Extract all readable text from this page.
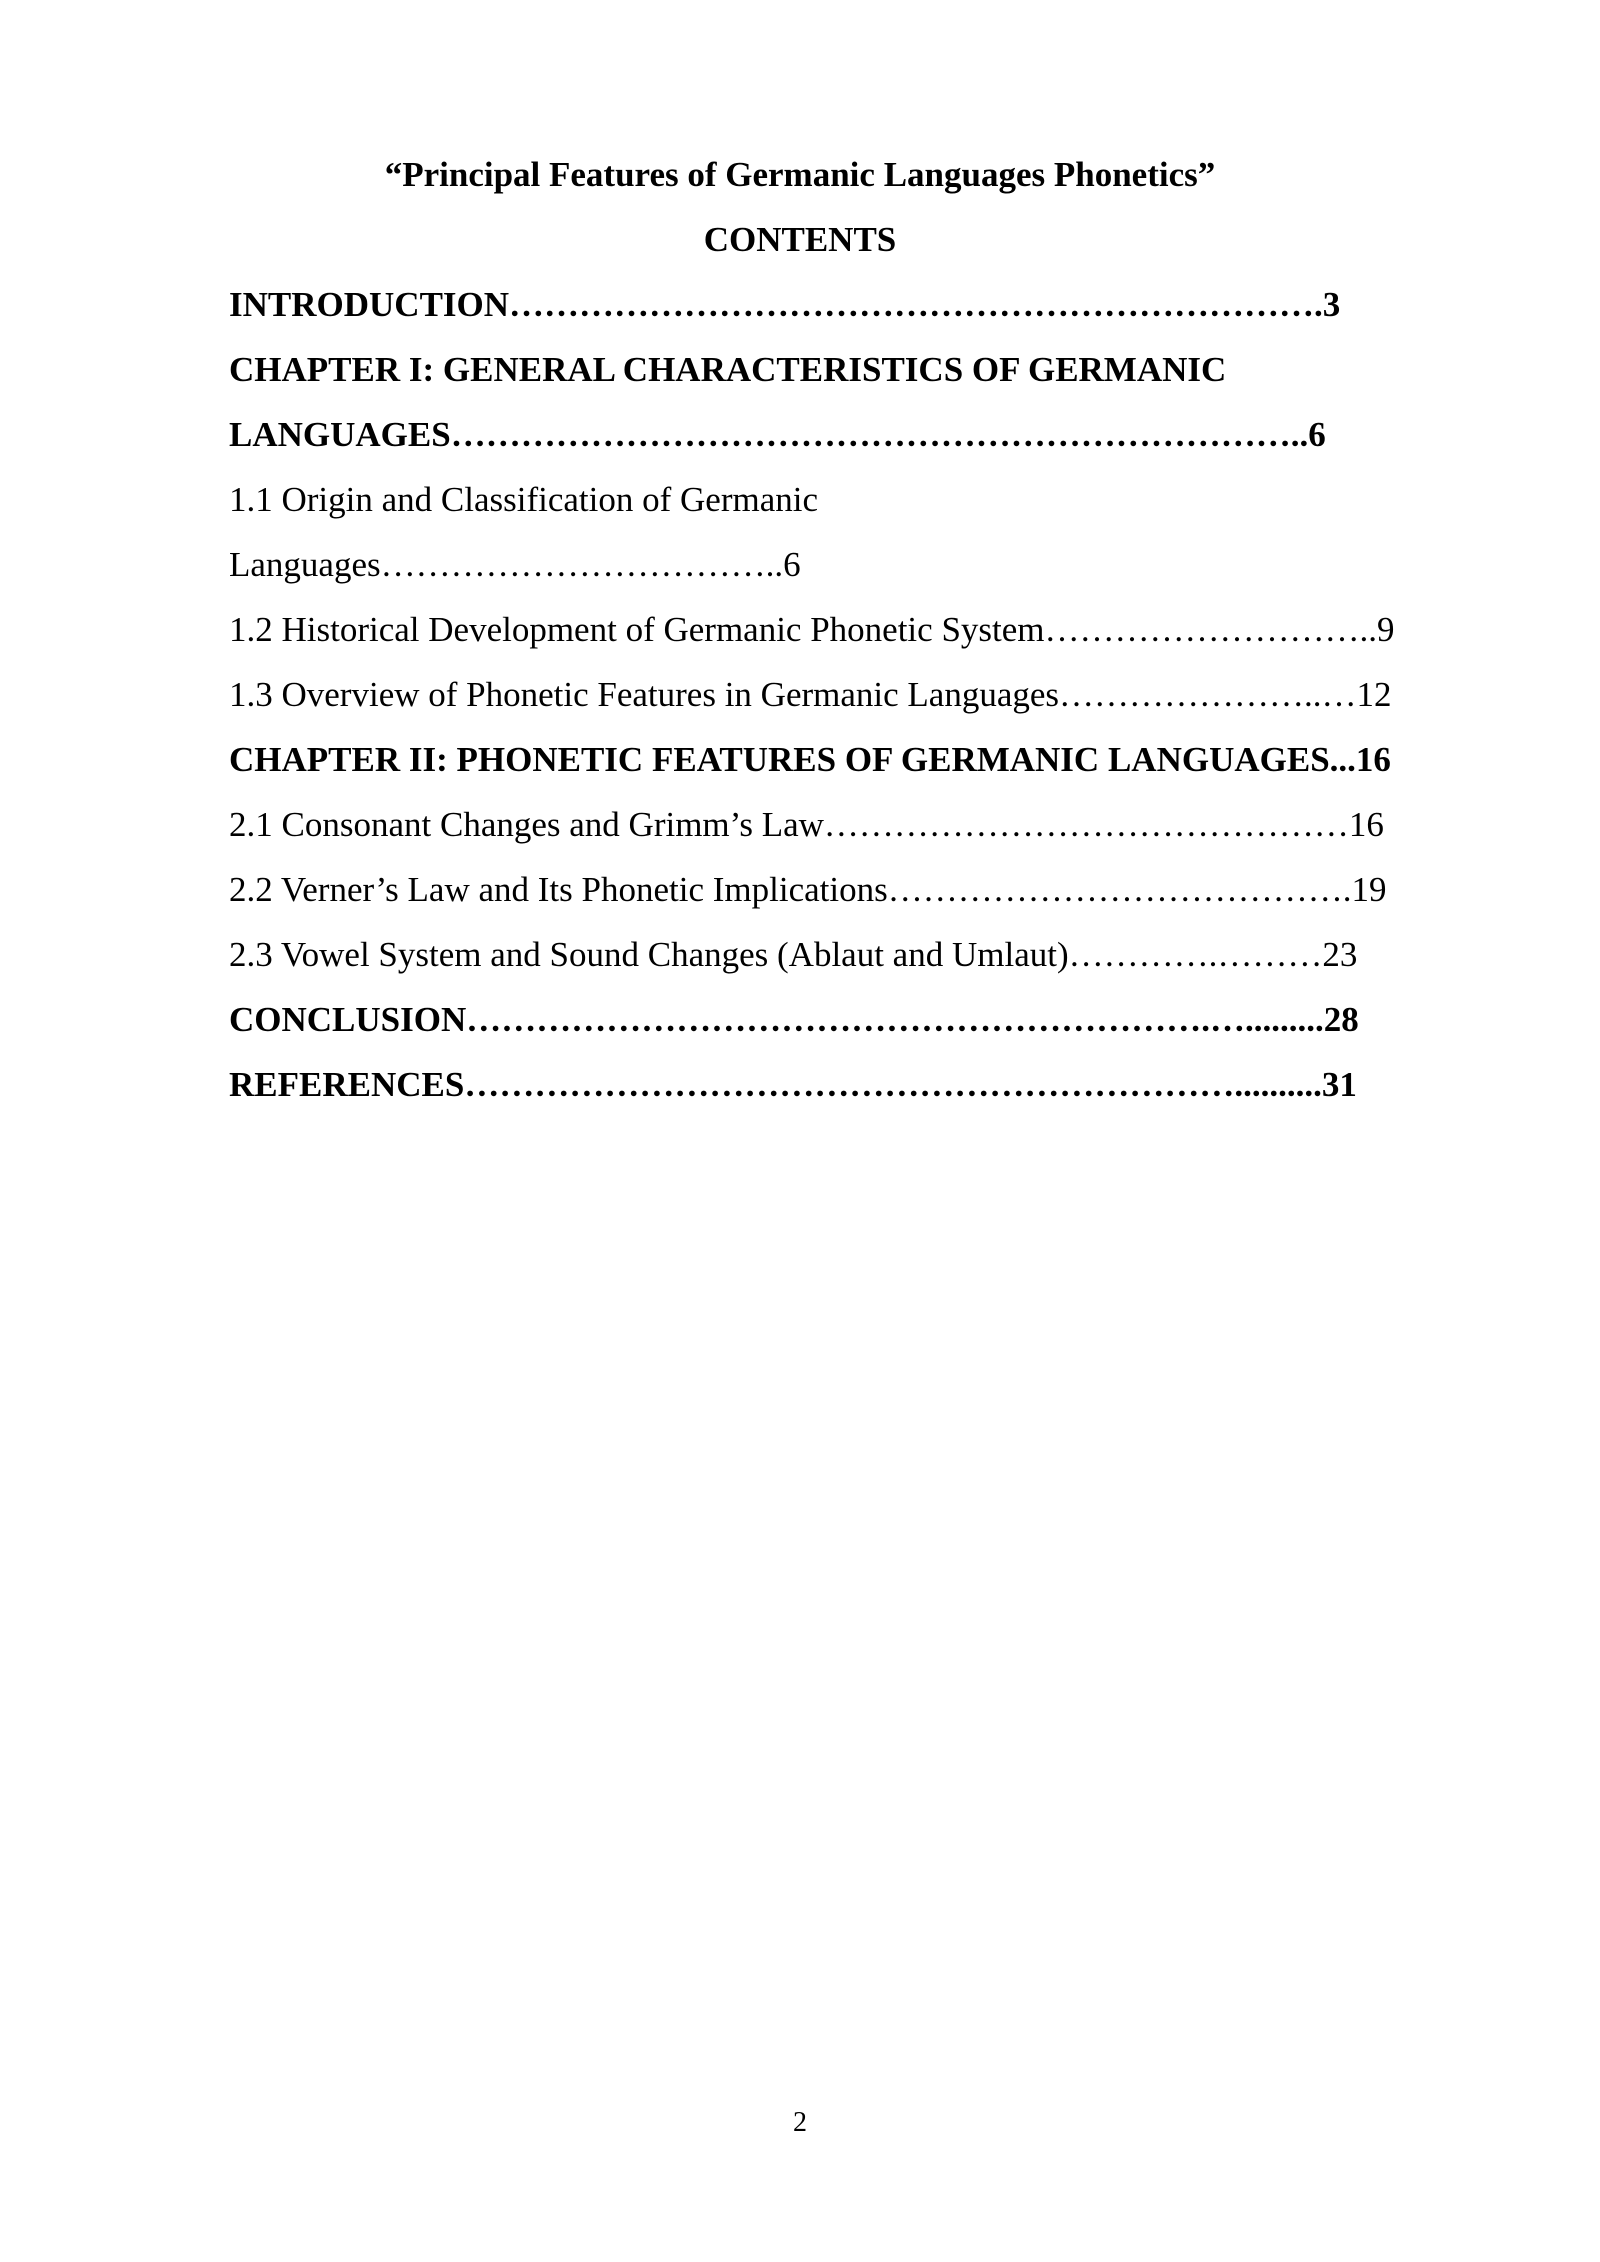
“Principal Features of Germanic Languages Phonetics”
CONTENTS
INTRODUCTION…………………………………………………………….3
CHAPTER I: GENERAL CHARACTERISTICS OF GERMANIC
LANGUAGES………………………………………………………………..6
1.1 Origin and Classification of Germanic
Languages……………………………..6
1.2 Historical Development of Germanic Phonetic System………………………..9
1.3 Overview of Phonetic Features in Germanic Languages…………………..…12
CHAPTER II: PHONETIC FEATURES OF GERMANIC LANGUAGES...16
2.1 Consonant Changes and Grimm’s Law………………………………………16
2.2 Verner’s Law and Its Phonetic Implications………………………………….19
2.3 Vowel System and Sound Changes (Ablaut and Umlaut)………….………23
CONCLUSION……………………………………………………….….........28
REFERENCES…………………………………………………………..........31
2
